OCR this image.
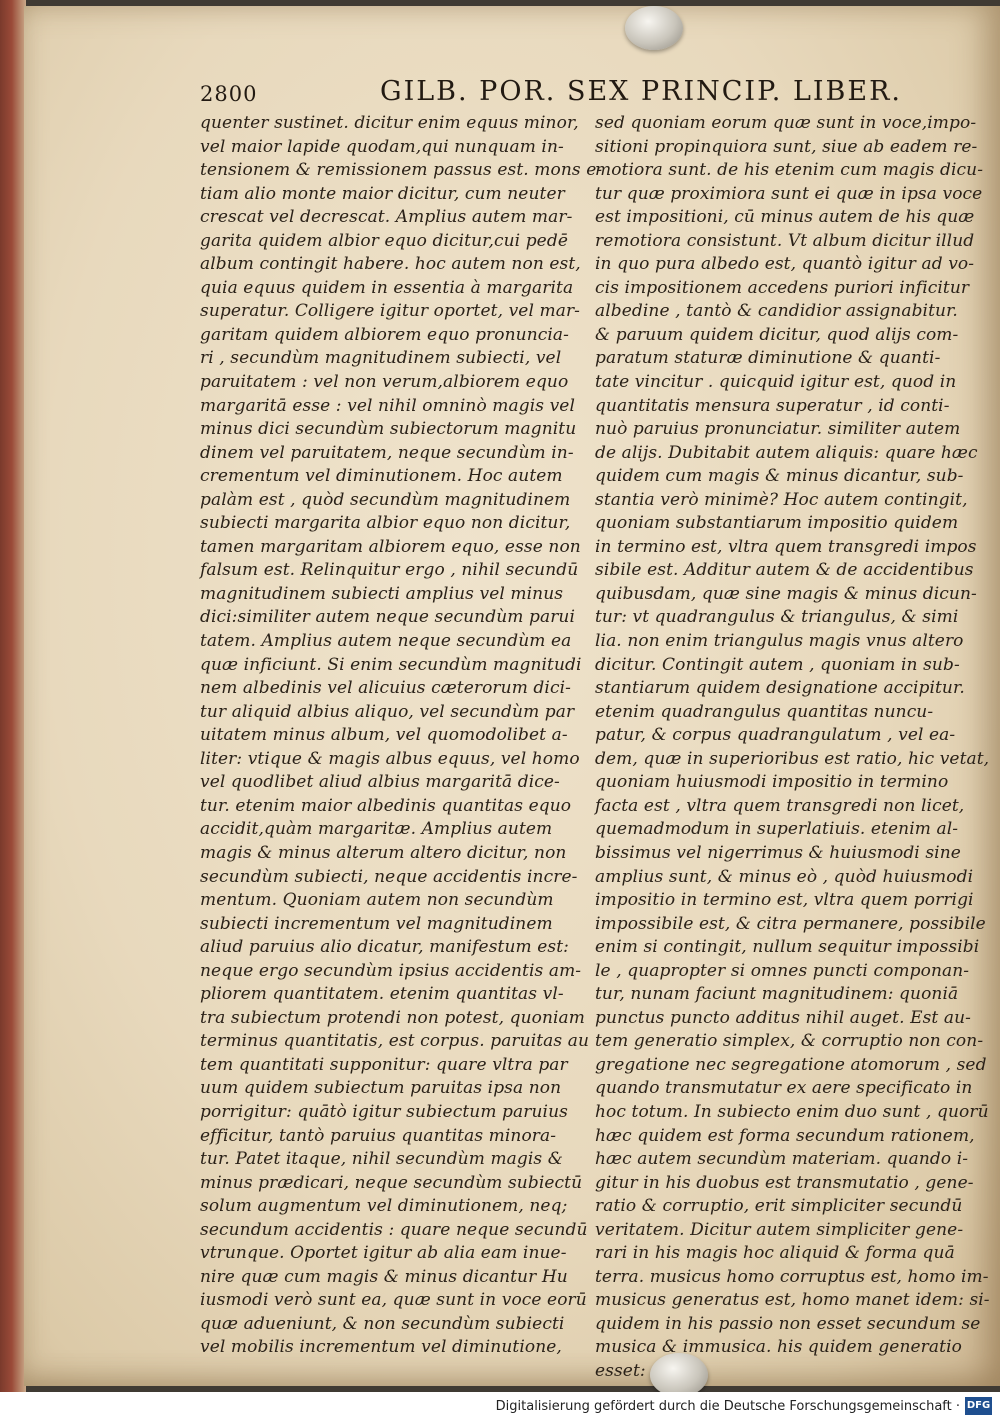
2800	GILB. POR. SEX PRINCIP. LIBER.
quenter sustinet. dicitur enim equus minor,
vel maior lapide quodam,qui nunquam in-
tensionem & remissionem passus est. mons e-
tiam alio monte maior dicitur, cum neuter
crescat vel decrescat. Amplius autem mar-
garita quidem albior equo dicitur,cui pedē
album contingit habere. hoc autem non est,
quia equus quidem in essentia à margarita
superatur. Colligere igitur oportet, vel mar-
garitam quidem albiorem equo pronuncia-
ri , secundùm magnitudinem subiecti, vel
paruitatem : vel non verum,albiorem equo
margaritā esse : vel nihil omninò magis vel
minus dici secundùm subiectorum magnitu
dinem vel paruitatem, neque secundùm in-
crementum vel diminutionem. Hoc autem
palàm est , quòd secundùm magnitudinem
subiecti margarita albior equo non dicitur,
tamen margaritam albiorem equo, esse non
falsum est. Relinquitur ergo , nihil secundū
magnitudinem subiecti amplius vel minus
dici:similiter autem neque secundùm parui
tatem. Amplius autem neque secundùm ea
quæ inficiunt. Si enim secundùm magnitudi
nem albedinis vel alicuius cæterorum dici-
tur aliquid albius aliquo, vel secundùm par
uitatem minus album, vel quomodolibet a-
liter: vtique & magis albus equus, vel homo
vel quodlibet aliud albius margaritā dice-
tur. etenim maior albedinis quantitas equo
accidit,quàm margaritæ. Amplius autem
magis & minus alterum altero dicitur, non
secundùm subiecti, neque accidentis incre-
mentum. Quoniam autem non secundùm
subiecti incrementum vel magnitudinem
aliud paruius alio dicatur, manifestum est:
neque ergo secundùm ipsius accidentis am-
pliorem quantitatem. etenim quantitas vl-
tra subiectum protendi non potest, quoniam
terminus quantitatis, est corpus. paruitas au
tem quantitati supponitur: quare vltra par
uum quidem subiectum paruitas ipsa non
porrigitur: quātò igitur subiectum paruius
efficitur, tantò paruius quantitas minora-
tur. Patet itaque, nihil secundùm magis &
minus prædicari, neque secundùm subiectū
solum augmentum vel diminutionem, neq;
secundum accidentis : quare neque secundū
vtrunque. Oportet igitur ab alia eam inue-
nire quæ cum magis & minus dicantur Hu
iusmodi verò sunt ea, quæ sunt in voce eorū
quæ adueniunt, & non secundùm subiecti
vel mobilis incrementum vel diminutione,
sed quoniam eorum quæ sunt in voce,impo-
sitioni propinquiora sunt, siue ab eadem re-
motiora sunt. de his etenim cum magis dicu-
tur quæ proximiora sunt ei quæ in ipsa voce
est impositioni, cū minus autem de his quæ
remotiora consistunt. Vt album dicitur illud
in quo pura albedo est, quantò igitur ad vo-
cis impositionem accedens puriori inficitur
albedine , tantò & candidior assignabitur.
& paruum quidem dicitur, quod alijs com-
paratum staturæ diminutione & quanti-
tate vincitur . quicquid igitur est, quod in
quantitatis mensura superatur , id conti-
nuò paruius pronunciatur. similiter autem
de alijs. Dubitabit autem aliquis: quare hæc
quidem cum magis & minus dicantur, sub-
stantia verò minimè? Hoc autem contingit,
quoniam substantiarum impositio quidem
in termino est, vltra quem transgredi impos
sibile est. Additur autem & de accidentibus
quibusdam, quæ sine magis & minus dicun-
tur: vt quadrangulus & triangulus, & simi
lia. non enim triangulus magis vnus altero
dicitur. Contingit autem , quoniam in sub-
stantiarum quidem designatione accipitur.
etenim quadrangulus quantitas nuncu-
patur, & corpus quadrangulatum , vel ea-
dem, quæ in superioribus est ratio, hic vetat,
quoniam huiusmodi impositio in termino
facta est , vltra quem transgredi non licet,
quemadmodum in superlatiuis. etenim al-
bissimus vel nigerrimus & huiusmodi sine
amplius sunt, & minus eò , quòd huiusmodi
impositio in termino est, vltra quem porrigi
impossibile est, & citra permanere, possibile
enim si contingit, nullum sequitur impossibi
le , quapropter si omnes puncti componan-
tur, nunam faciunt magnitudinem: quoniā
punctus puncto additus nihil auget. Est au-
tem generatio simplex, & corruptio non con-
gregatione nec segregatione atomorum , sed
quando transmutatur ex aere specificato in
hoc totum. In subiecto enim duo sunt , quorū
hæc quidem est forma secundum rationem,
hæc autem secundùm materiam. quando i-
gitur in his duobus est transmutatio , gene-
ratio & corruptio, erit simpliciter secundū
veritatem. Dicitur autem simpliciter gene-
rari in his magis hoc aliquid & forma quā
terra. musicus homo corruptus est, homo im-
musicus generatus est, homo manet idem: si-
quidem in his passio non esset secundum se
musica & immusica. his quidem generatio
esset:
Digitalisierung gefördert durch die Deutsche Forschungsgemeinschaft · DFG
